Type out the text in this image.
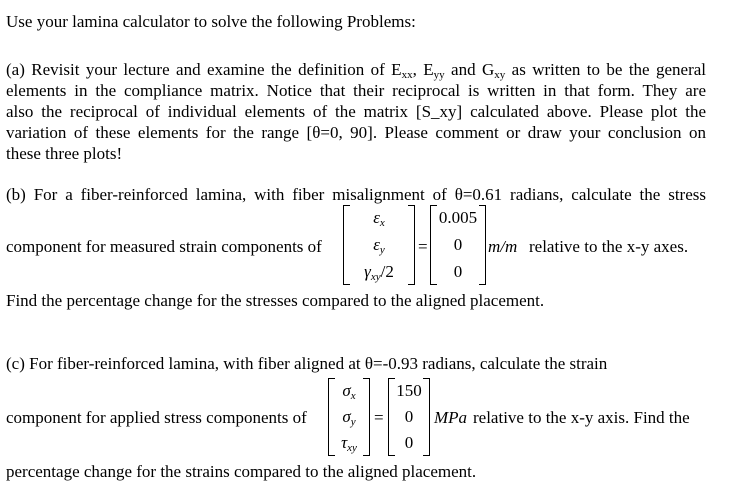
Use your lamina calculator to solve the following Problems:
(a) Revisit your lecture and examine the definition of Exx, Eyy and Gxy as written to be the general
elements in the compliance matrix. Notice that their reciprocal is written in that form. They are
also the reciprocal of individual elements of the matrix [S_xy] calculated above. Please plot the
variation of these elements for the range [θ=0, 90]. Please comment or draw your conclusion on
these three plots!
(b) For a fiber-reinforced lamina, with fiber misalignment of θ=0.61 radians, calculate the stress
component for measured strain components of
εx
εy
γxy/2
=
0.005
0
0
m/m relative to the x-y axes.
Find the percentage change for the stresses compared to the aligned placement.
(c) For fiber-reinforced lamina, with fiber aligned at θ=-0.93 radians, calculate the strain
component for applied stress components of
σx
σy
τxy
=
150
0
0
MPa relative to the x-y axis. Find the
percentage change for the strains compared to the aligned placement.
